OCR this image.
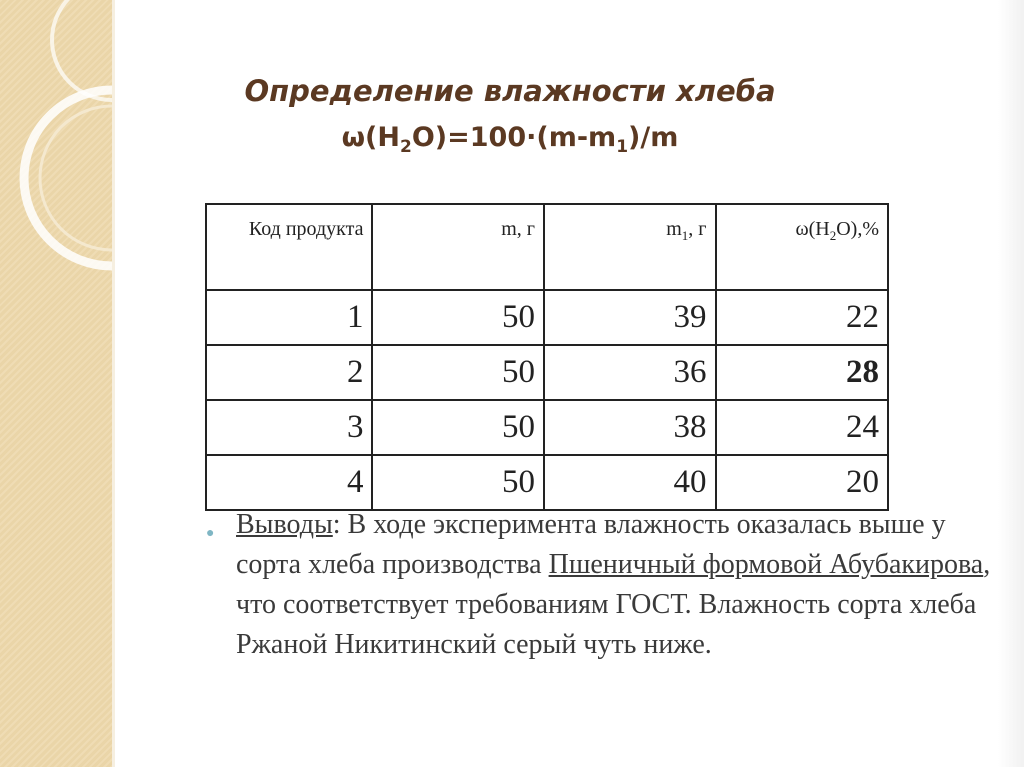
Определение влажности хлеба
$\omega(H_2O)=100\cdot(m-m_1)/m$
Код продукта	m, г	$m_1$, г	$\omega(H_2O),\%$
1	50	39	22
2	50	36	28
3	50	38	24
4	50	40	20
● Выводы: В ходе эксперимента влажность оказалась выше у сорта хлеба производства Пшеничный формовой Абубакирова, что соответствует требованиям ГОСТ. Влажность сорта хлеба Ржаной Никитинский серый чуть ниже.
